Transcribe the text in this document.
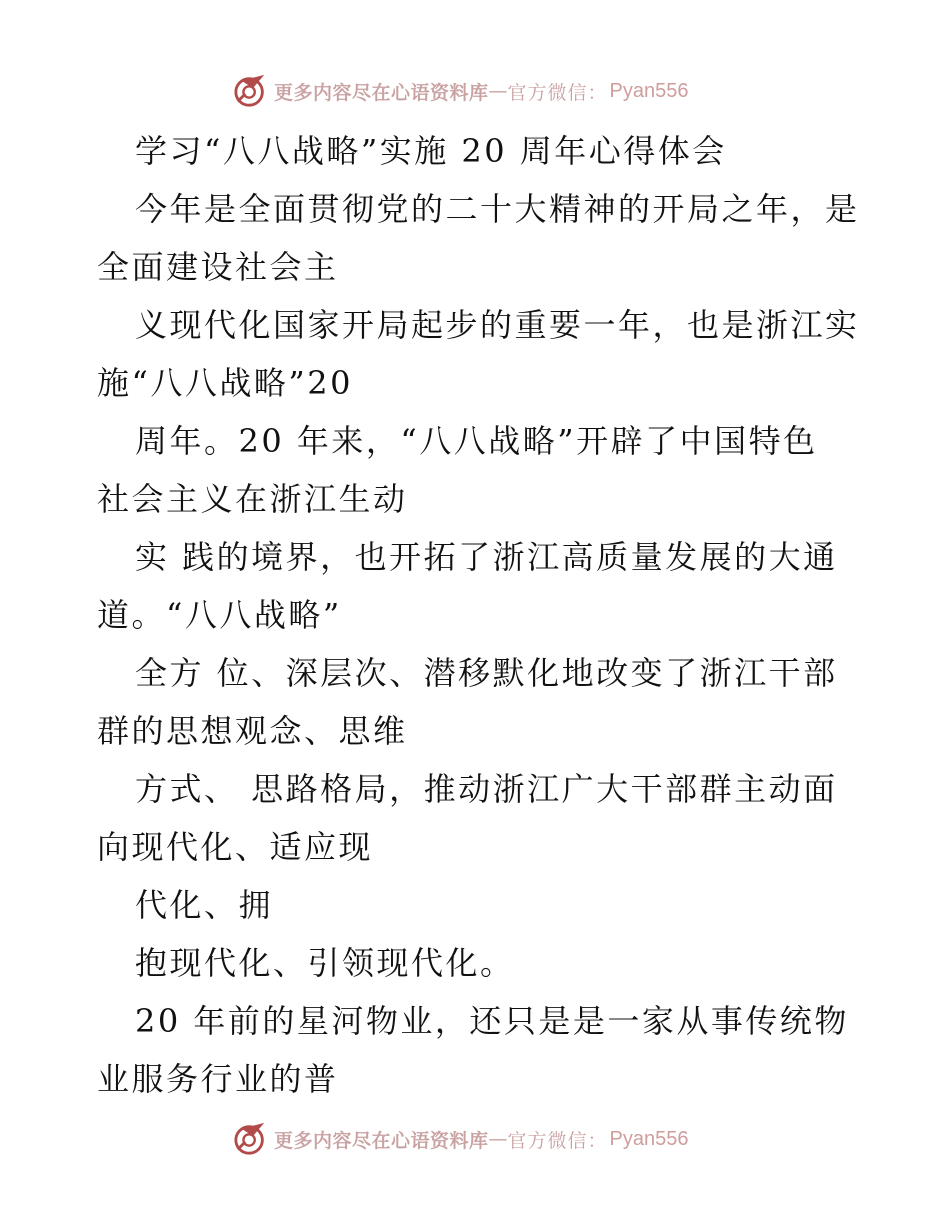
更多内容尽在心语资料库 — 官方微信： Pyan556
学习“八八战略”实施 20 周年心得体会
今年是全面贯彻党的二十大精神的开局之年，是
全面建设社会主
义现代化国家开局起步的重要一年，也是浙江实
施“八八战略”20
周年。20 年来，“八八战略”开辟了中国特色
社会主义在浙江生动
实 践的境界，也开拓了浙江高质量发展的大通
道。“八八战略”
全方 位、深层次、潜移默化地改变了浙江干部
群的思想观念、思维
方式、 思路格局，推动浙江广大干部群主动面
向现代化、适应现
代化、拥
抱现代化、引领现代化。
20 年前的星河物业，还只是是一家从事传统物
业服务行业的普
更多内容尽在心语资料库 — 官方微信： Pyan556
